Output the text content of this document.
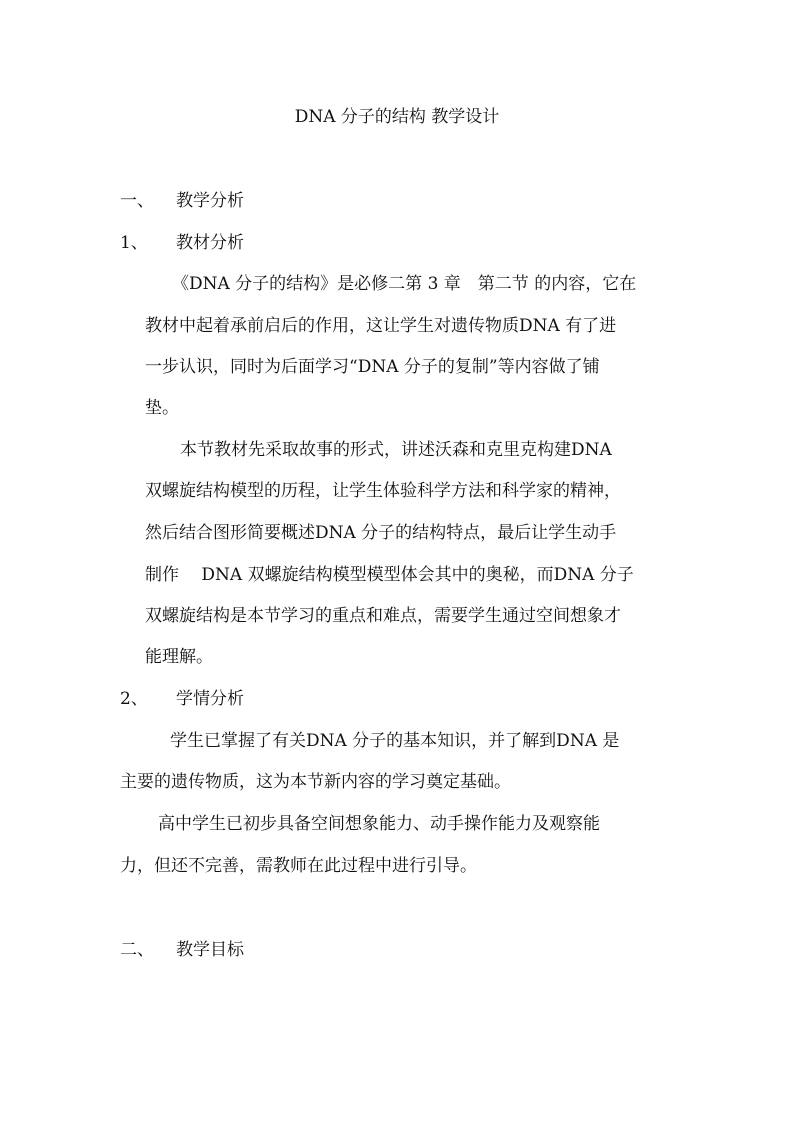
DNA 分子的结构 教学设计
一、 教学分析
1、 教材分析
《DNA 分子的结构》是必修二第 3 章　第二节 的内容，它在
教材中起着承前启后的作用，这让学生对遗传物质DNA 有了进
一步认识，同时为后面学习“DNA 分子的复制”等内容做了铺
垫。
本节教材先采取故事的形式，讲述沃森和克里克构建DNA
双螺旋结构模型的历程，让学生体验科学方法和科学家的精神，
然后结合图形简要概述DNA 分子的结构特点，最后让学生动手
制作　 DNA 双螺旋结构模型模型体会其中的奥秘，而DNA 分子
双螺旋结构是本节学习的重点和难点，需要学生通过空间想象才
能理解。
2、 学情分析
学生已掌握了有关DNA 分子的基本知识，并了解到DNA 是
主要的遗传物质，这为本节新内容的学习奠定基础。
高中学生已初步具备空间想象能力、动手操作能力及观察能
力，但还不完善，需教师在此过程中进行引导。
二、 教学目标
